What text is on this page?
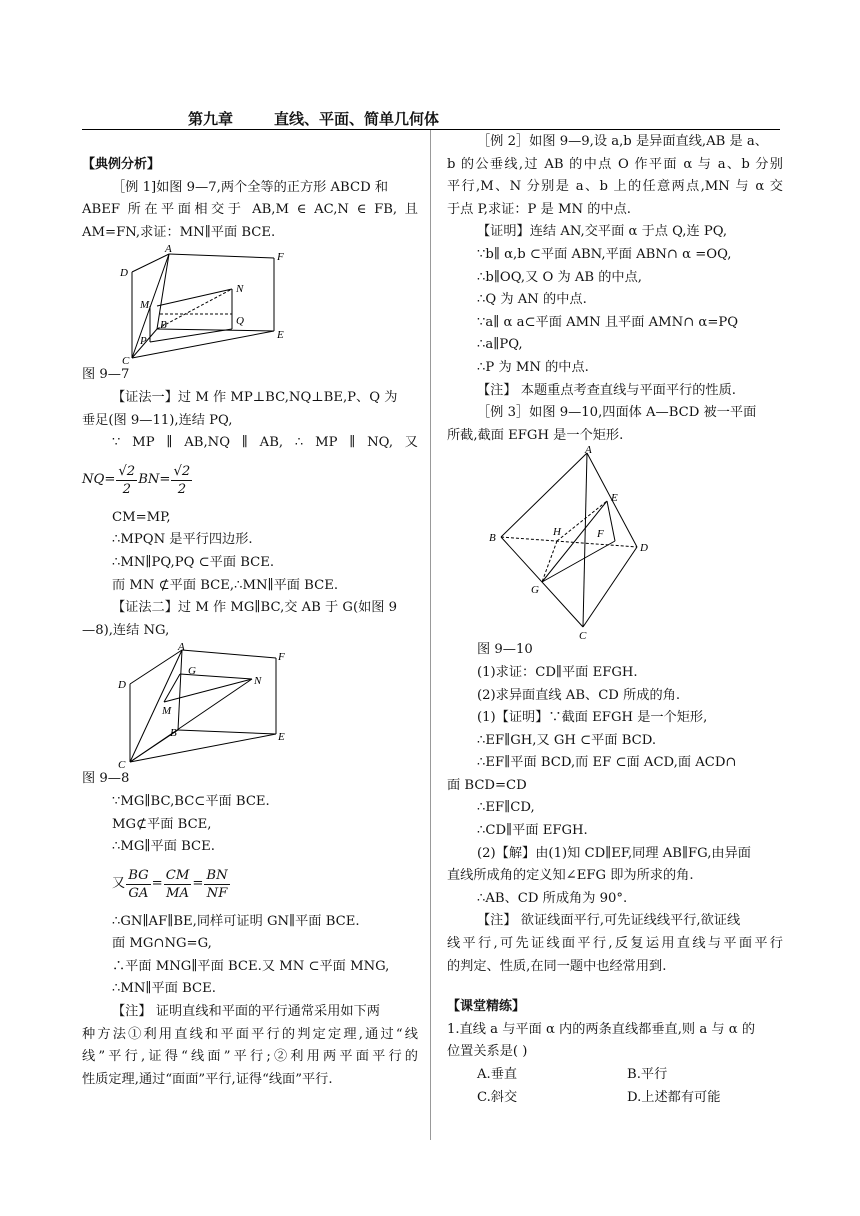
第九章	直线、平面、简单几何体

【典例分析】

［例 1]如图 9—7,两个全等的正方形 ABCD 和

ABEF 所在平面相交于 AB,M ∈ AC,N ∈ FB, 且

AM=FN,求证：MN∥平面 BCE.

A
F
D
M
N
B	Q
P
C
E

图 9—7

【证法一】过 M 作 MP⊥BC,NQ⊥BE,P、Q 为

垂足(图 9—11),连结 PQ,

∵ MP ∥ AB,NQ ∥ AB, ∴ MP ∥ NQ, 又

$NQ= \frac{√2}{2} BN= \frac{√2}{2}$

CM=MP,

∴MPQN 是平行四边形.

∴MN∥PQ,PQ ⊂平面 BCE.

而 MN ⊄平面 BCE,∴MN∥平面 BCE.

【证法二】过 M 作 MG∥BC,交 AB 于 G(如图 9

—8),连结 NG,

A
F
G
N
D
M
B	E
C

图 9—8

∵MG∥BC,BC⊂平面 BCE.

MG⊄平面 BCE,

∴MG∥平面 BCE.

又 $\frac{BG}{GA} = \frac{CM}{MA} = \frac{BN}{NF}$

∴GN∥AF∥BE,同样可证明 GN∥平面 BCE.

面 MG∩NG=G,

∴平面 MNG∥平面 BCE.又 MN ⊂平面 MNG,

∴MN∥平面 BCE.

【注】 证明直线和平面的平行通常采用如下两

种方法①利用直线和平面平行的判定定理,通过“线

线”平行,证得“线面”平行;②利用两平面平行的

性质定理,通过“面面”平行,证得“线面”平行.

［例 2］如图 9—9,设 a,b 是异面直线,AB 是 a、

b 的公垂线,过 AB 的中点 O 作平面 α 与 a、b 分别

平行,M、N 分别是 a、b 上的任意两点,MN 与 α 交

于点 P,求证：P 是 MN 的中点.

【证明】连结 AN,交平面 α 于点 Q,连 PQ,

∵b∥ α,b ⊂平面 ABN,平面 ABN∩ α =OQ,

∴b∥OQ,又 O 为 AB 的中点,

∴Q 为 AN 的中点.

∵a∥ α a⊂平面 AMN 且平面 AMN∩ α=PQ

∴a∥PQ,

∴P 为 MN 的中点.

【注】 本题重点考查直线与平面平行的性质.

［例 3］如图 9—10,四面体 A—BCD 被一平面

所截,截面 EFGH 是一个矩形.

A
E
B	H	F
D
G
C

图 9—10

(1)求证：CD∥平面 EFGH.

(2)求异面直线 AB、CD 所成的角.

(1)【证明】∵截面 EFGH 是一个矩形,

∴EF∥GH,又 GH ⊂平面 BCD.

∴EF∥平面 BCD,而 EF ⊂面 ACD,面 ACD∩

面 BCD=CD

∴EF∥CD,

∴CD∥平面 EFGH.

(2)【解】由(1)知 CD∥EF,同理 AB∥FG,由异面

直线所成角的定义知∠EFG 即为所求的角.

∴AB、CD 所成角为 90°.

【注】 欲证线面平行,可先证线线平行,欲证线

线平行,可先证线面平行,反复运用直线与平面平行

的判定、性质,在同一题中也经常用到.

【课堂精练】

1.直线 a 与平面 α 内的两条直线都垂直,则 a 与 α 的

位置关系是( )

A.垂直	B.平行

C.斜交	D.上述都有可能
